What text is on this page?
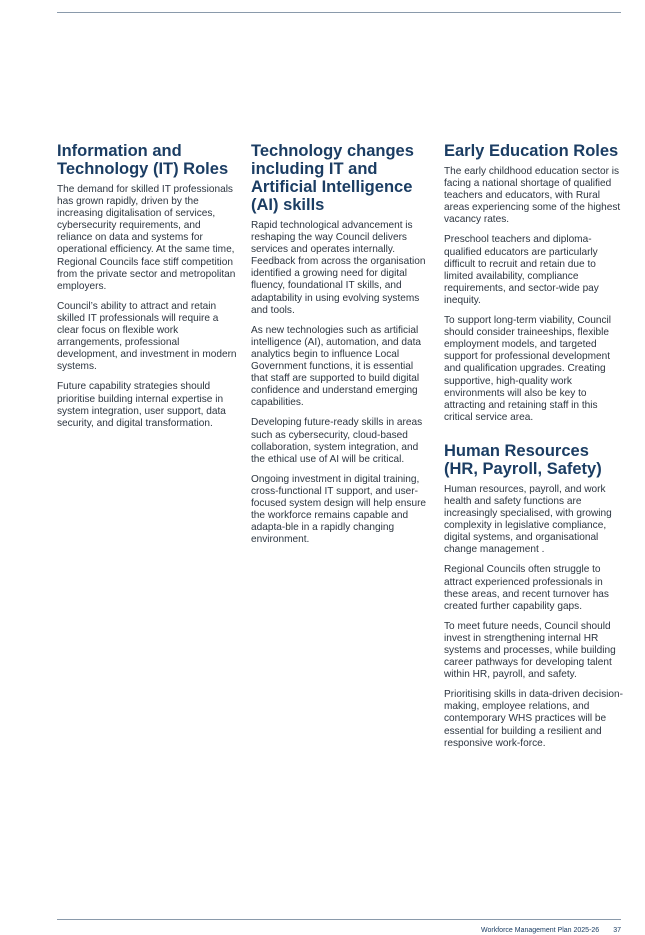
Information and Technology (IT) Roles

The demand for skilled IT professionals has grown rapidly, driven by the increasing digitalisation of services, cybersecurity requirements, and reliance on data and systems for operational efficiency. At the same time, Regional Councils face stiff competition from the private sector and metropolitan employers.

Council’s ability to attract and retain skilled IT professionals will require a clear focus on flexible work arrangements, professional development, and investment in modern systems.

Future capability strategies should prioritise building internal expertise in system integration, user support, data security, and digital transformation.

Technology changes including IT and Artificial Intelligence (AI) skills

Rapid technological advancement is reshaping the way Council delivers services and operates internally. Feedback from across the organisation identified a growing need for digital fluency, foundational IT skills, and adaptability in using evolving systems and tools.

As new technologies such as artificial intelligence (AI), automation, and data analytics begin to influence Local Government functions, it is essential that staff are supported to build digital confidence and understand emerging capabilities.

Developing future-ready skills in areas such as cybersecurity, cloud-based collaboration, system integration, and the ethical use of AI will be critical.

Ongoing investment in digital training, cross-functional IT support, and user-focused system design will help ensure the workforce remains capable and adapta-ble in a rapidly changing environment.

Early Education Roles

The early childhood education sector is facing a national shortage of qualified teachers and educators, with Rural areas experiencing some of the highest vacancy rates.

Preschool teachers and diploma-qualified educators are particularly difficult to recruit and retain due to limited availability, compliance requirements, and sector-wide pay inequity.

To support long-term viability, Council should consider traineeships, flexible employment models, and targeted support for professional development and qualification upgrades. Creating supportive, high-quality work environments will also be key to attracting and retaining staff in this critical service area.

Human Resources (HR, Payroll, Safety)

Human resources, payroll, and work health and safety functions are increasingly specialised, with growing complexity in legislative compliance, digital systems, and organisational change management .

Regional Councils often struggle to attract experienced professionals in these areas, and recent turnover has created further capability gaps.

To meet future needs, Council should invest in strengthening internal HR systems and processes, while building career pathways for developing talent within HR, payroll, and safety.

Prioritising skills in data-driven decision-making, employee relations, and contemporary WHS practices will be essential for building a resilient and responsive work-force.

Workforce Management Plan 2025-26 37
